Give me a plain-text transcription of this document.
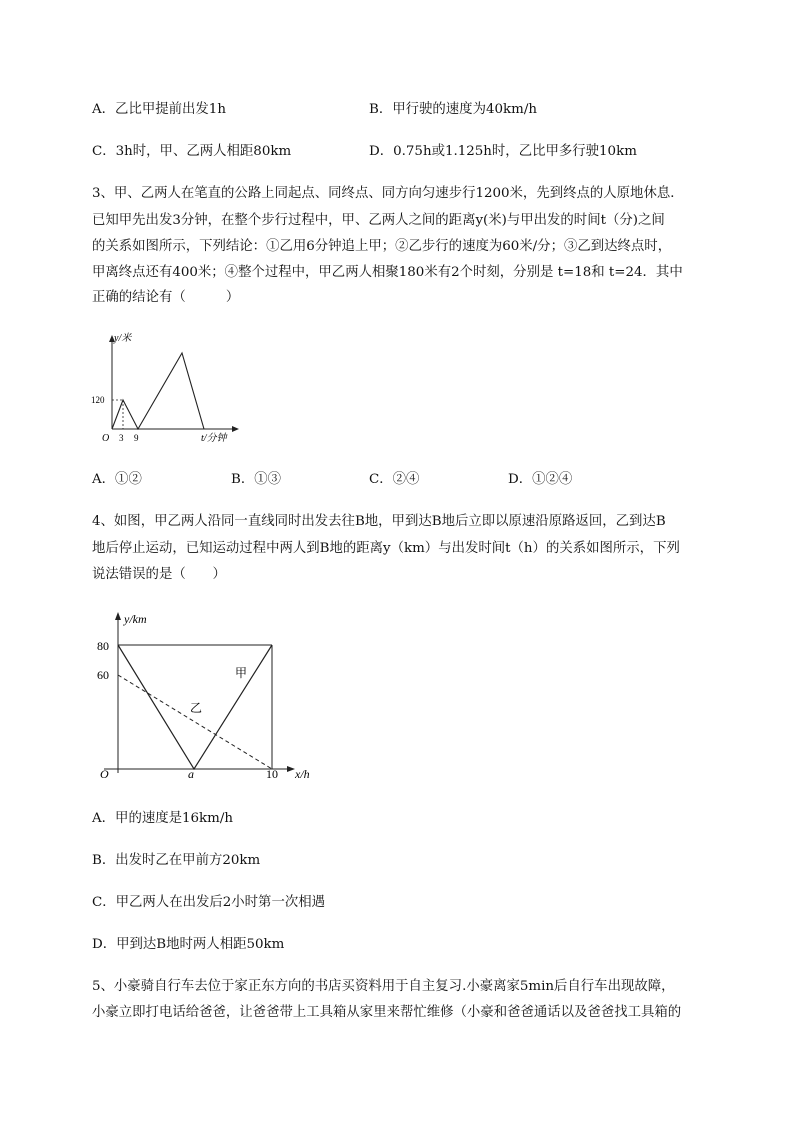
A．乙比甲提前出发1h	B．甲行驶的速度为40km/h
C．3h时，甲、乙两人相距80km	D．0.75h或1.125h时，乙比甲多行驶10km
3、甲、乙两人在笔直的公路上同起点、同终点、同方向匀速步行1200米，先到终点的人原地休息．
已知甲先出发3分钟，在整个步行过程中，甲、乙两人之间的距离y(米)与甲出发的时间t（分)之间
的关系如图所示，下列结论：①乙用6分钟追上甲；②乙步行的速度为60米/分；③乙到达终点时，
甲离终点还有400米；④整个过程中，甲乙两人相聚180米有2个时刻，分别是 t=18和 t=24．其中
正确的结论有（　　　）
y/米
t/分钟
O 3 9
120
A．①②	B．①③	C．②④	D．①②④
4、如图，甲乙两人沿同一直线同时出发去往B地，甲到达B地后立即以原速沿原路返回，乙到达B
地后停止运动，已知运动过程中两人到B地的距离y（km）与出发时间t（h）的关系如图所示，下列
说法错误的是（　　）
y/km
x/h
O	a	10
80
60	甲
乙
A．甲的速度是16km/h
B．出发时乙在甲前方20km
C．甲乙两人在出发后2小时第一次相遇
D．甲到达B地时两人相距50km
5、小豪骑自行车去位于家正东方向的书店买资料用于自主复习.小豪离家5min后自行车出现故障，
小豪立即打电话给爸爸，让爸爸带上工具箱从家里来帮忙维修（小豪和爸爸通话以及爸爸找工具箱的
